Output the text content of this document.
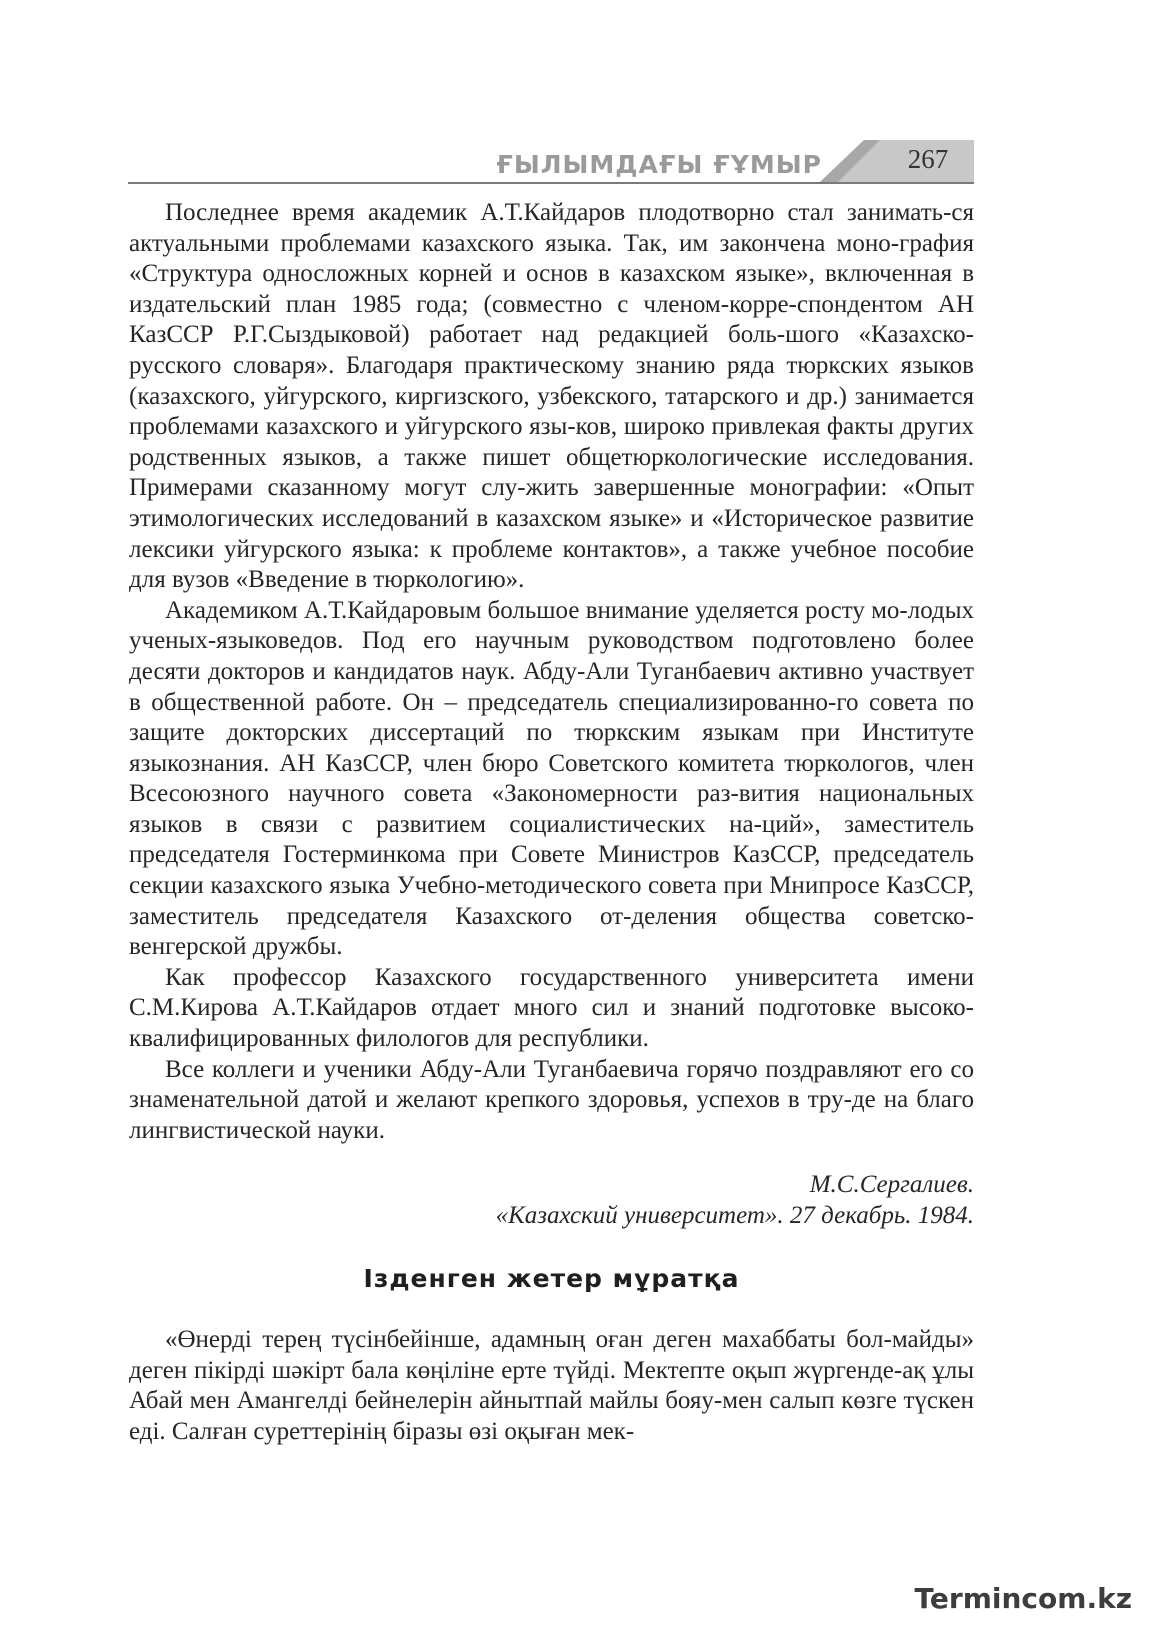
ҒЫЛЫМДАҒЫ ҒҰМЫР	267

Последнее время академик А.Т.Кайдаров плодотворно стал занимать-ся актуальными проблемами казахского языка. Так, им закончена моно-графия «Структура односложных корней и основ в казахском языке», включенная в издательский план 1985 года; (совместно с членом-корре-спондентом АН КазССР Р.Г.Сыздыковой) работает над редакцией боль-шого «Казахско-русского словаря». Благодаря практическому знанию ряда тюркских языков (казахского, уйгурского, киргизского, узбекского, татарского и др.) занимается проблемами казахского и уйгурского язы-ков, широко привлекая факты других родственных языков, а также пишет общетюркологические исследования. Примерами сказанному могут слу-жить завершенные монографии: «Опыт этимологических исследований в казахском языке» и «Историческое развитие лексики уйгурского языка: к проблеме контактов», а также учебное пособие для вузов «Введение в тюркологию».

Академиком А.Т.Кайдаровым большое внимание уделяется росту мо-лодых ученых-языковедов. Под его научным руководством подготовлено более десяти докторов и кандидатов наук. Абду-Али Туганбаевич активно участвует в общественной работе. Он – председатель специализированно-го совета по защите докторских диссертаций по тюркским языкам при Институте языкознания. АН КазССР, член бюро Советского комитета тюркологов, член Всесоюзного научного совета «Закономерности раз-вития национальных языков в связи с развитием социалистических на-ций», заместитель председателя Гостерминкома при Совете Министров КазССР, председатель секции казахского языка Учебно-методического совета при Мнипросе КазССР, заместитель председателя Казахского от-деления общества советско-венгерской дружбы.

Как профессор Казахского государственного университета имени С.М.Кирова А.Т.Кайдаров отдает много сил и знаний подготовке высоко-квалифицированных филологов для республики.

Все коллеги и ученики Абду-Али Туганбаевича горячо поздравляют его со знаменательной датой и желают крепкого здоровья, успехов в тру-де на благо лингвистической науки.

М.С.Сергалиев.
«Казахский университет». 27 декабрь. 1984.
Ізденген жетер мұратқа

«Өнерді терең түсінбейінше, адамның оған деген махаббаты бол-майды» деген пікірді шәкірт бала көңіліне ерте түйді. Мектепте оқып жүргенде-ақ ұлы Абай мен Амангелді бейнелерін айнытпай майлы бояу-мен салып көзге түскен еді. Салған суреттерінің біразы өзі оқыған мек-

Termincom.kz
